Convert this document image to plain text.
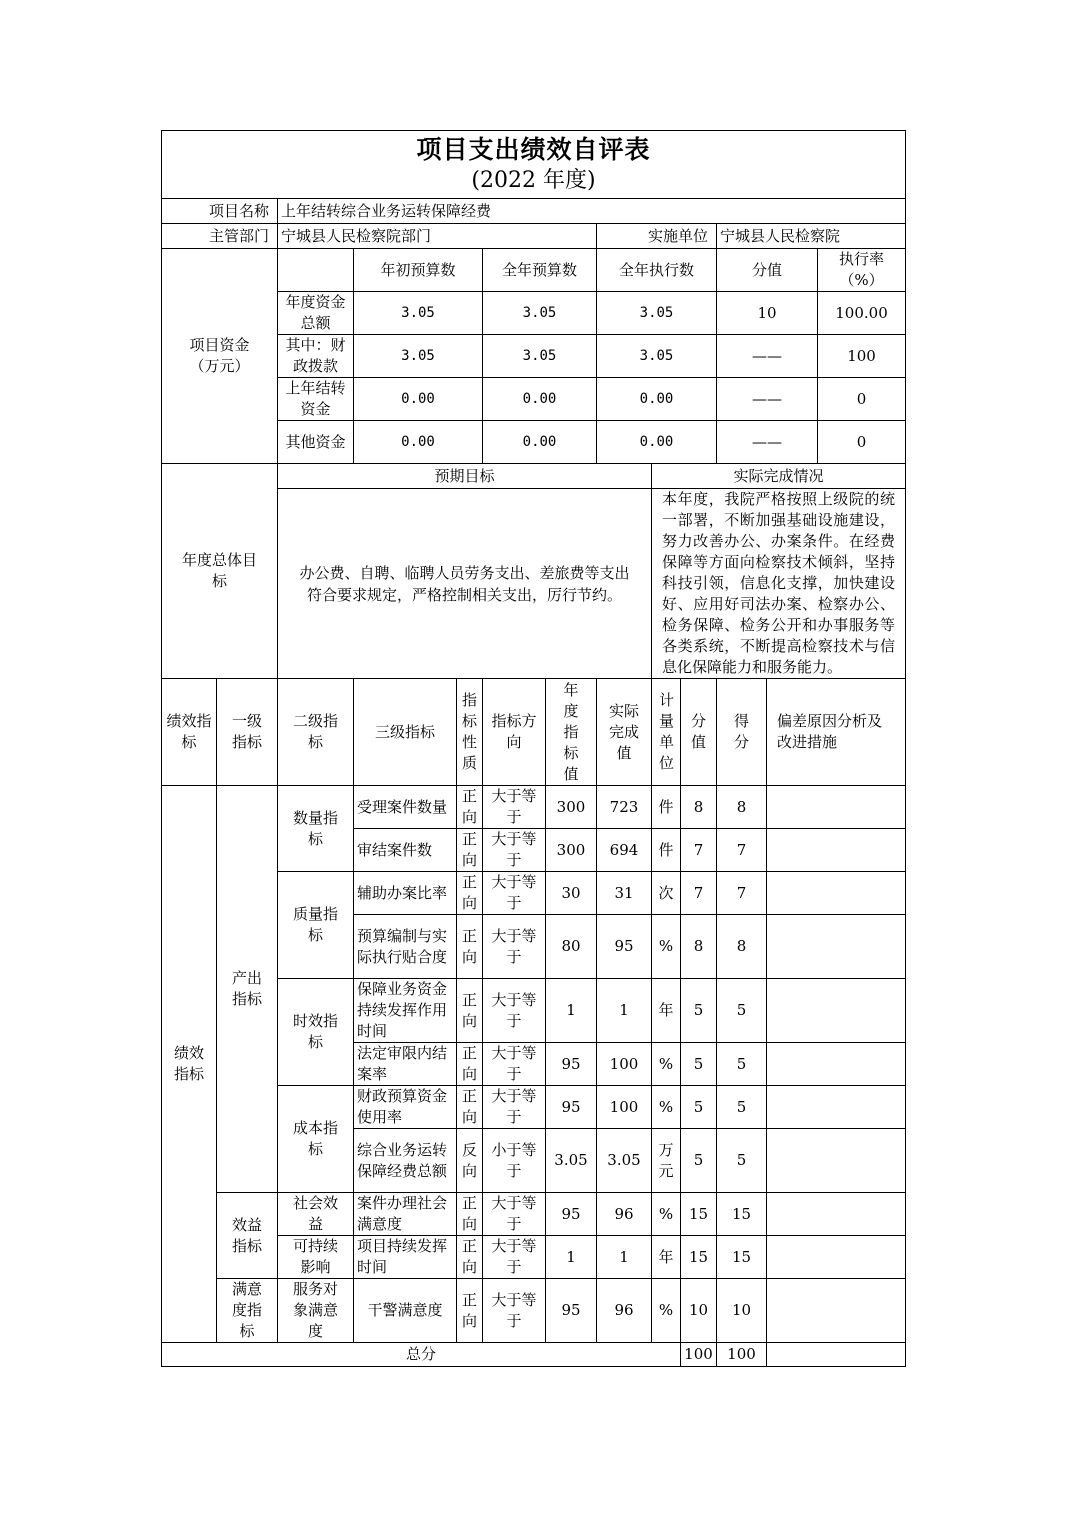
项目支出绩效自评表
(2022 年度)													

项目名称		上年结转综合业务运转保障经费											
主管部门		宁城县人民检察院部门					实施单位			宁城县人民检察院			

项目资金（万元）			年初预算数		全年预算数		全年执行数			分值		执行率（%）	
		年度资金总额	3.05		3.05		3.05			10		100.00	
		其中：财政拨款	3.05		3.05		3.05			——		100	
		上年结转资金	0.00		0.00		0.00			——		0	
		其他资金	0.00		0.00		0.00			——		0	

年度总体目标		预期目标						实际完成情况					
		办公费、自聘、临聘人员劳务支出、差旅费等支出符合要求规定，严格控制相关支出，厉行节约。						本年度，我院严格按照上级院的统一部署，不断加强基础设施建设，努力改善办公、办案条件。在经费保障等方面向检察技术倾斜，坚持科技引领，信息化支撑，加快建设好、应用好司法办案、检察办公、检务保障、检务公开和办事服务等各类系统，不断提高检察技术与信息化保障能力和服务能力。					
绩效指标	一级指标	二级指标	三级指标	指标性质	指标方向	年度指标值	实际完成值	计量单位	分值	得分	偏差原因分析及改进措施		
绩效指标	产出指标	数量指标	受理案件数量	正向	大于等于	300	723	件	8	8			
			审结案件数	正向	大于等于	300	694	件	7	7			
		质量指标	辅助办案比率	正向	大于等于	30	31	次	7	7			
			预算编制与实际执行贴合度	正向	大于等于	80	95	%	8	8			
		时效指标	保障业务资金持续发挥作用时间	正向	大于等于	1	1	年	5	5			
			法定审限内结案率	正向	大于等于	95	100	%	5	5			
		成本指标	财政预算资金使用率	正向	大于等于	95	100	%	5	5			
			综合业务运转保障经费总额	反向	小于等于	3.05	3.05	万元	5	5			
	效益指标	社会效益	案件办理社会满意度	正向	大于等于	95	96	%	15	15			
		可持续影响	项目持续发挥时间	正向	大于等于	1	1	年	15	15			
	满意度指标	服务对象满意度	干警满意度	正向	大于等于	95	96	%	10	10			
总分									100	100			
